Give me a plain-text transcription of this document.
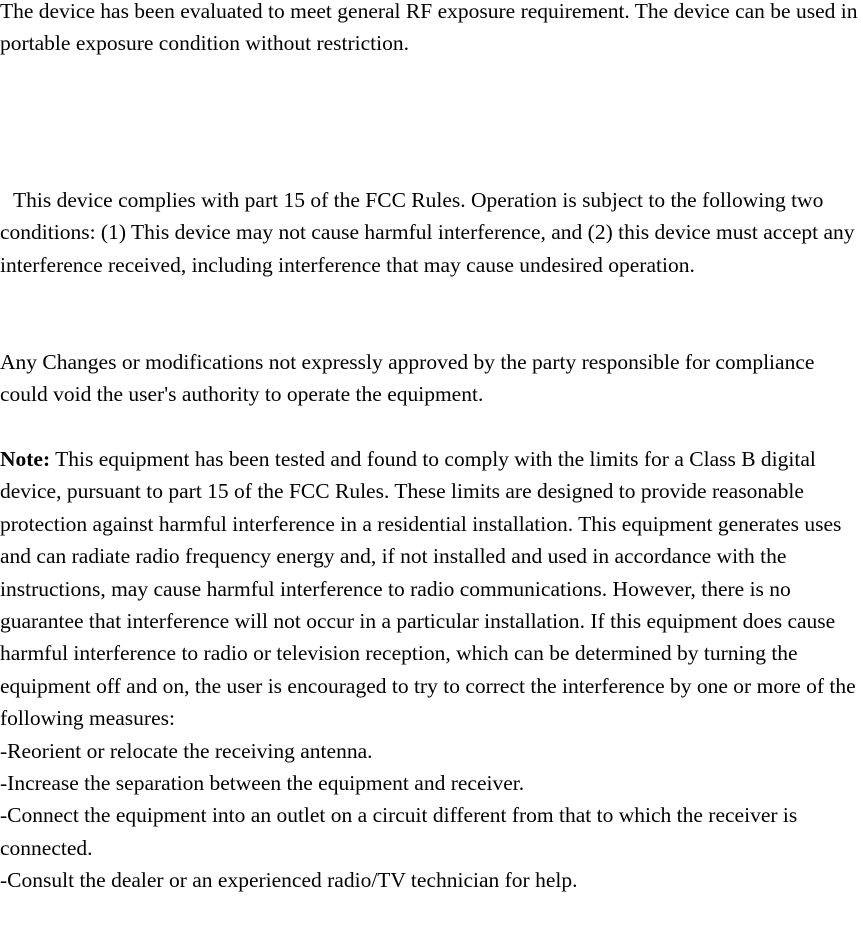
The device has been evaluated to meet general RF exposure requirement. The device can be used in portable exposure condition without restriction.

This device complies with part 15 of the FCC Rules. Operation is subject to the following two conditions: (1) This device may not cause harmful interference, and (2) this device must accept any interference received, including interference that may cause undesired operation.

Any Changes or modifications not expressly approved by the party responsible for compliance could void the user's authority to operate the equipment.

Note: This equipment has been tested and found to comply with the limits for a Class B digital device, pursuant to part 15 of the FCC Rules. These limits are designed to provide reasonable protection against harmful interference in a residential installation. This equipment generates uses and can radiate radio frequency energy and, if not installed and used in accordance with the instructions, may cause harmful interference to radio communications. However, there is no guarantee that interference will not occur in a particular installation. If this equipment does cause harmful interference to radio or television reception, which can be determined by turning the equipment off and on, the user is encouraged to try to correct the interference by one or more of the following measures:

-Reorient or relocate the receiving antenna.
-Increase the separation between the equipment and receiver.
-Connect the equipment into an outlet on a circuit different from that to which the receiver is connected.
-Consult the dealer or an experienced radio/TV technician for help.
